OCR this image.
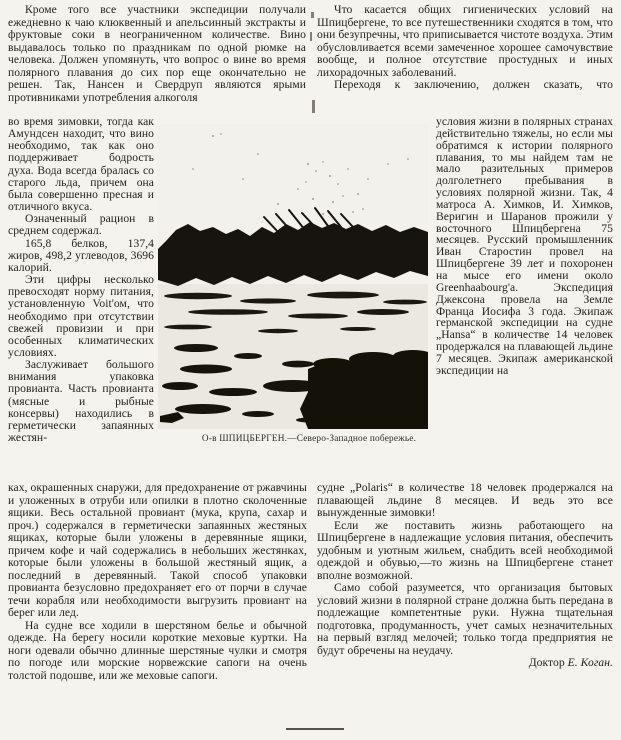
Кроме того все участники экспедиции получали ежедневно к чаю клюквенный и апельсинный экстракты и фруктовые соки в неограниченном количестве. Вино выдавалось только по праздникам по одной рюмке на человека. Должен упомянуть, что вопрос о вине во время полярного плавания до сих пор еще окончательно не решен. Так, Нансен и Свердруп являются ярыми противниками употребления алкоголя

во время зимовки, тогда как Амундсен находит, что вино необходимо, так как оно поддерживает бодрость духа. Вода всегда бралась со старого льда, причем она была совершенно пресная и отличного вкуса.

Означенный рацион в среднем содержал.

165,8 белков, 137,4 жиров, 498,2 углеводов, 3696 калорий.

Эти цифры несколько превосходят норму питания, установленную Voit'ом, что необходимо при отсутствии свежей провизии и при особенных климатических условиях.

Заслуживает большого внимания упаковка провианта. Часть провианта (мясные и рыбные консервы) находились в герметически запаянных жестян-

ках, окрашенных снаружи, для предохранение от ржавчины и уложенных в отруби или опилки в плотно сколоченные ящики. Весь остальной провиант (мука, крупа, сахар и проч.) содержался в герметически запаянных жестяных ящиках, которые были уложены в деревянные ящики, причем кофе и чай содержались в небольших жестянках, которые были уложены в большой жестяный ящик, а последний в деревянный. Такой способ упаковки провианта безусловно предохраняет его от порчи в случае течи корабля или необходимости выгрузить провиант на берег или лед.

На судне все ходили в шерстяном белье и обычной одежде. На берегу носили короткие меховые куртки. На ноги одевали обычно длинные шерстяные чулки и смотря по погоде или морские норвежские сапоги на очень толстой подошве, или же меховые сапоги.

Что касается общих гигиенических условий на Шпицбергене, то все путешественники сходятся в том, что они безупречны, что приписывается чистоте воздуха. Этим обусловливается всеми замеченное хорошее самочувствие вообще, и полное отсутствие простудных и иных лихорадочных заболеваний.

Переходя к заключению, должен сказать, что

условия жизни в полярных странах действительно тяжелы, но если мы обратимся к истории полярного плавания, то мы найдем там не мало разительных примеров долголетнего пребывания в условиях полярной жизни. Так, 4 матроса А. Химков, И. Химков, Веригин и Шаранов прожили у восточного Шпицбергена 75 месяцев. Русский промышленник Иван Старостин провел на Шпицбергене 39 лет и похоронен на мысе его имени около Greenhaabourg'а. Экспедиция Джексона провела на Земле Франца Иосифа 3 года. Экипаж германской экспедиции на судне „Hansa“ в количестве 14 человек продержался на плавающей льдине 7 месяцев. Экипаж американской экспедиции на

судне „Polaris“ в количестве 18 человек продержался на плавающей льдине 8 месяцев. И ведь это все вынужденные зимовки!

Если же поставить жизнь работающего на Шпицбергене в надлежащие условия питания, обеспечить удобным и уютным жильем, снабдить всей необходимой одеждой и обувью,—то жизнь на Шпицбергене станет вполне возможной.

Само собой разумеется, что организация бытовых условий жизни в полярной стране должна быть передана в подлежащие компетентные руки. Нужна тщательная подготовка, продуманность, учет самых незначительных на первый взгляд мелочей; только тогда предприятия не будут обречены на неудачу.

Доктор Е. Коган.

О-в ШПИЦБЕРГЕН.—Северо-Западное побережье.
